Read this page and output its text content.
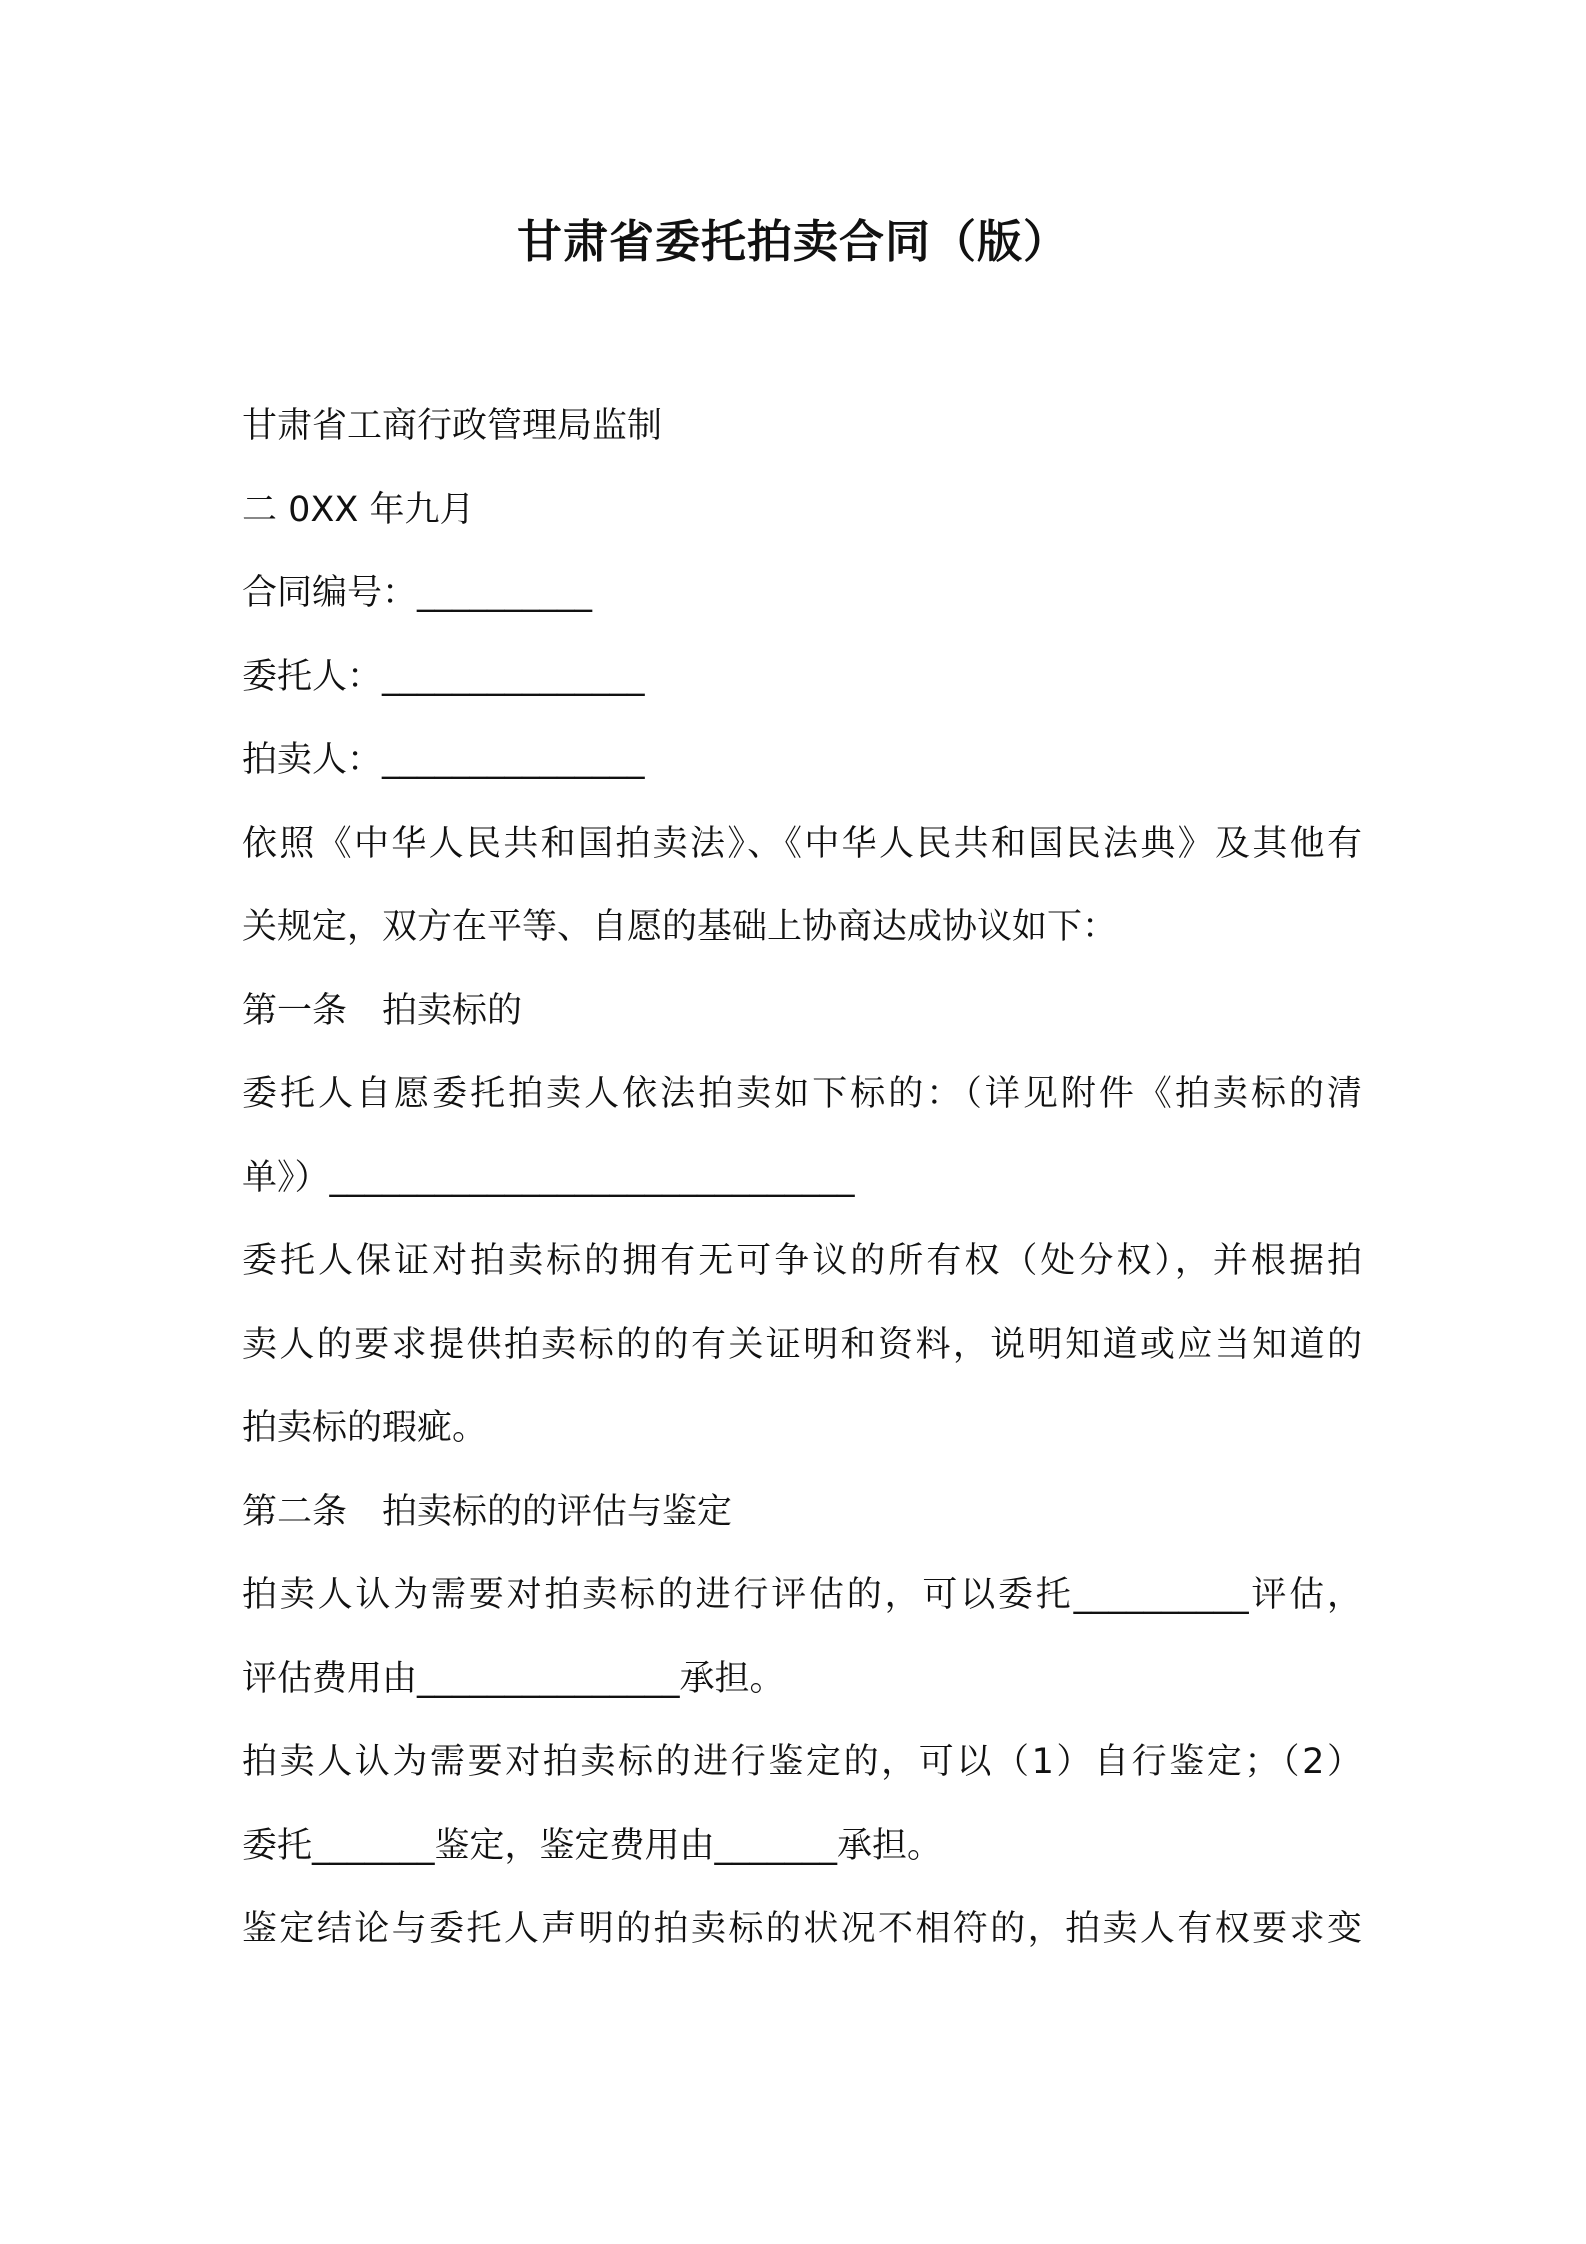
甘肃省委托拍卖合同（版）
甘肃省工商行政管理局监制
二 0XX 年九月
合同编号：__________
委托人：_______________
拍卖人：_______________
依照《中华人民共和国拍卖法》、《中华人民共和国民法典》及其他有
关规定，双方在平等、自愿的基础上协商达成协议如下：
第一条　拍卖标的
委托人自愿委托拍卖人依法拍卖如下标的：（详见附件《拍卖标的清
单》）______________________________
委托人保证对拍卖标的拥有无可争议的所有权（处分权），并根据拍
卖人的要求提供拍卖标的的有关证明和资料，说明知道或应当知道的
拍卖标的瑕疵。
第二条　拍卖标的的评估与鉴定
拍卖人认为需要对拍卖标的进行评估的，可以委托__________评估，
评估费用由_______________承担。
拍卖人认为需要对拍卖标的进行鉴定的，可以（1）自行鉴定；（2）
委托_______鉴定，鉴定费用由_______承担。
鉴定结论与委托人声明的拍卖标的状况不相符的，拍卖人有权要求变
